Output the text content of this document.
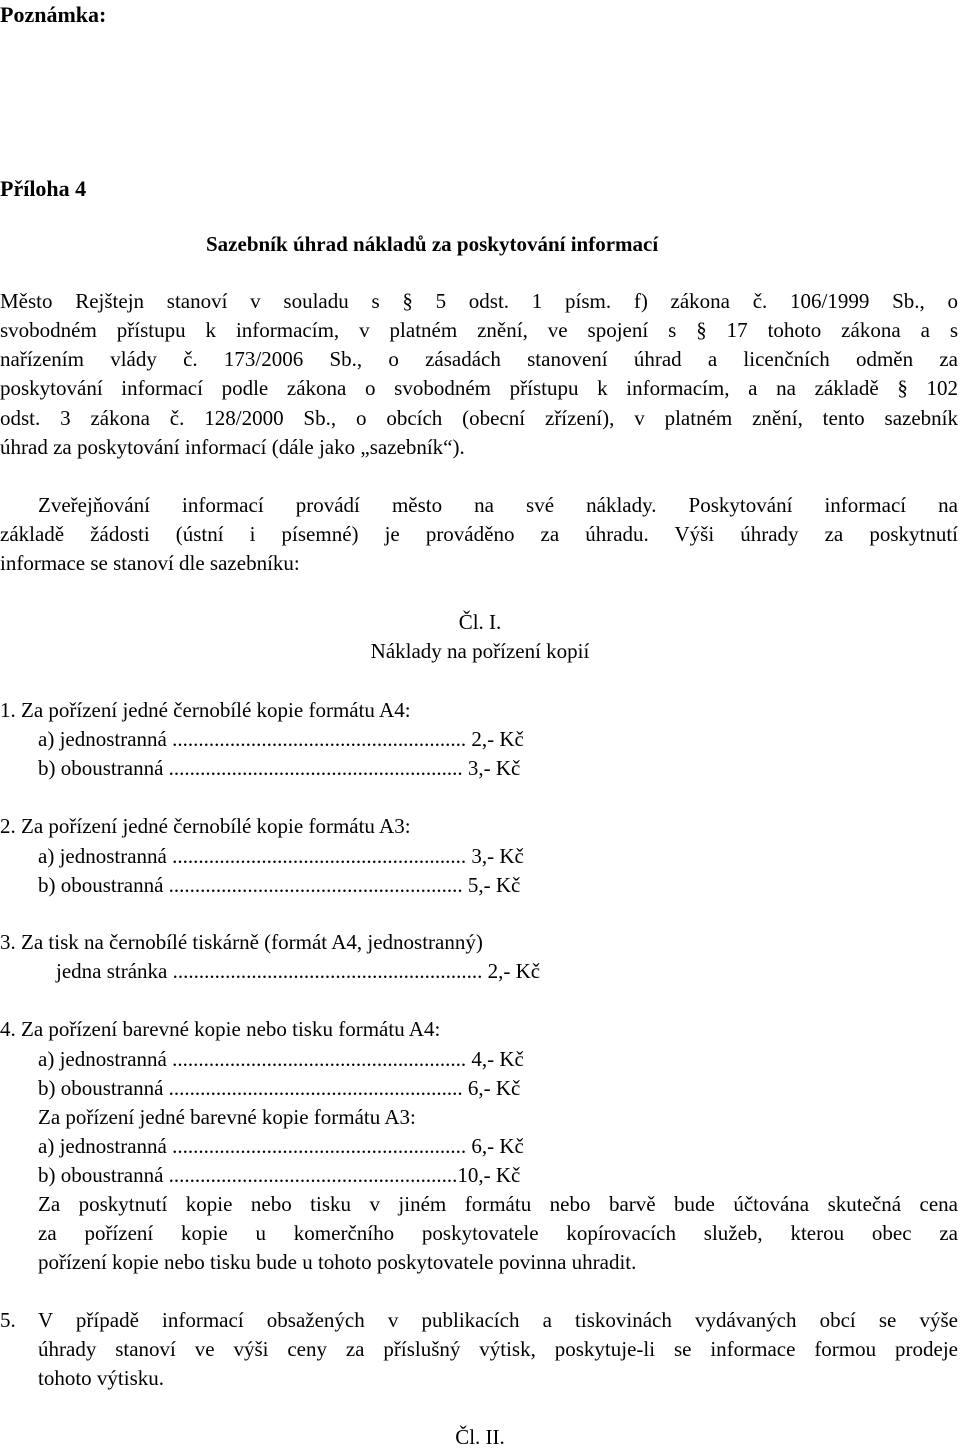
Poznámka:
Příloha 4
Sazebník úhrad nákladů za poskytování informací
Město Rejštejn stanoví v souladu s § 5 odst. 1 písm. f) zákona č. 106/1999 Sb., o
svobodném přístupu k informacím, v platném znění, ve spojení s § 17 tohoto zákona a s
nařízením vlády č. 173/2006 Sb., o zásadách stanovení úhrad a licenčních odměn za
poskytování informací podle zákona o svobodném přístupu k informacím, a na základě § 102
odst. 3 zákona č. 128/2000 Sb., o obcích (obecní zřízení), v platném znění, tento sazebník
úhrad za poskytování informací (dále jako „sazebník“).
Zveřejňování informací provádí město na své náklady. Poskytování informací na
základě žádosti (ústní i písemné) je prováděno za úhradu. Výši úhrady za poskytnutí
informace se stanoví dle sazebníku:
Čl. I.
Náklady na pořízení kopií
1. Za pořízení jedné černobílé kopie formátu A4:
a) jednostranná ........................................................ 2,- Kč
b) oboustranná ........................................................ 3,- Kč
2. Za pořízení jedné černobílé kopie formátu A3:
a) jednostranná ........................................................ 3,- Kč
b) oboustranná ........................................................ 5,- Kč
3. Za tisk na černobílé tiskárně (formát A4, jednostranný)
jedna stránka ........................................................... 2,- Kč
4. Za pořízení barevné kopie nebo tisku formátu A4:
a) jednostranná ........................................................ 4,- Kč
b) oboustranná ........................................................ 6,- Kč
Za pořízení jedné barevné kopie formátu A3:
a) jednostranná ........................................................ 6,- Kč
b) oboustranná .......................................................10,- Kč
Za poskytnutí kopie nebo tisku v jiném formátu nebo barvě bude účtována skutečná cena
za pořízení kopie u komerčního poskytovatele kopírovacích služeb, kterou obec za
pořízení kopie nebo tisku bude u tohoto poskytovatele povinna uhradit.
5. V případě informací obsažených v publikacích a tiskovinách vydávaných obcí se výše
úhrady stanoví ve výši ceny za příslušný výtisk, poskytuje-li se informace formou prodeje
tohoto výtisku.
Čl. II.
